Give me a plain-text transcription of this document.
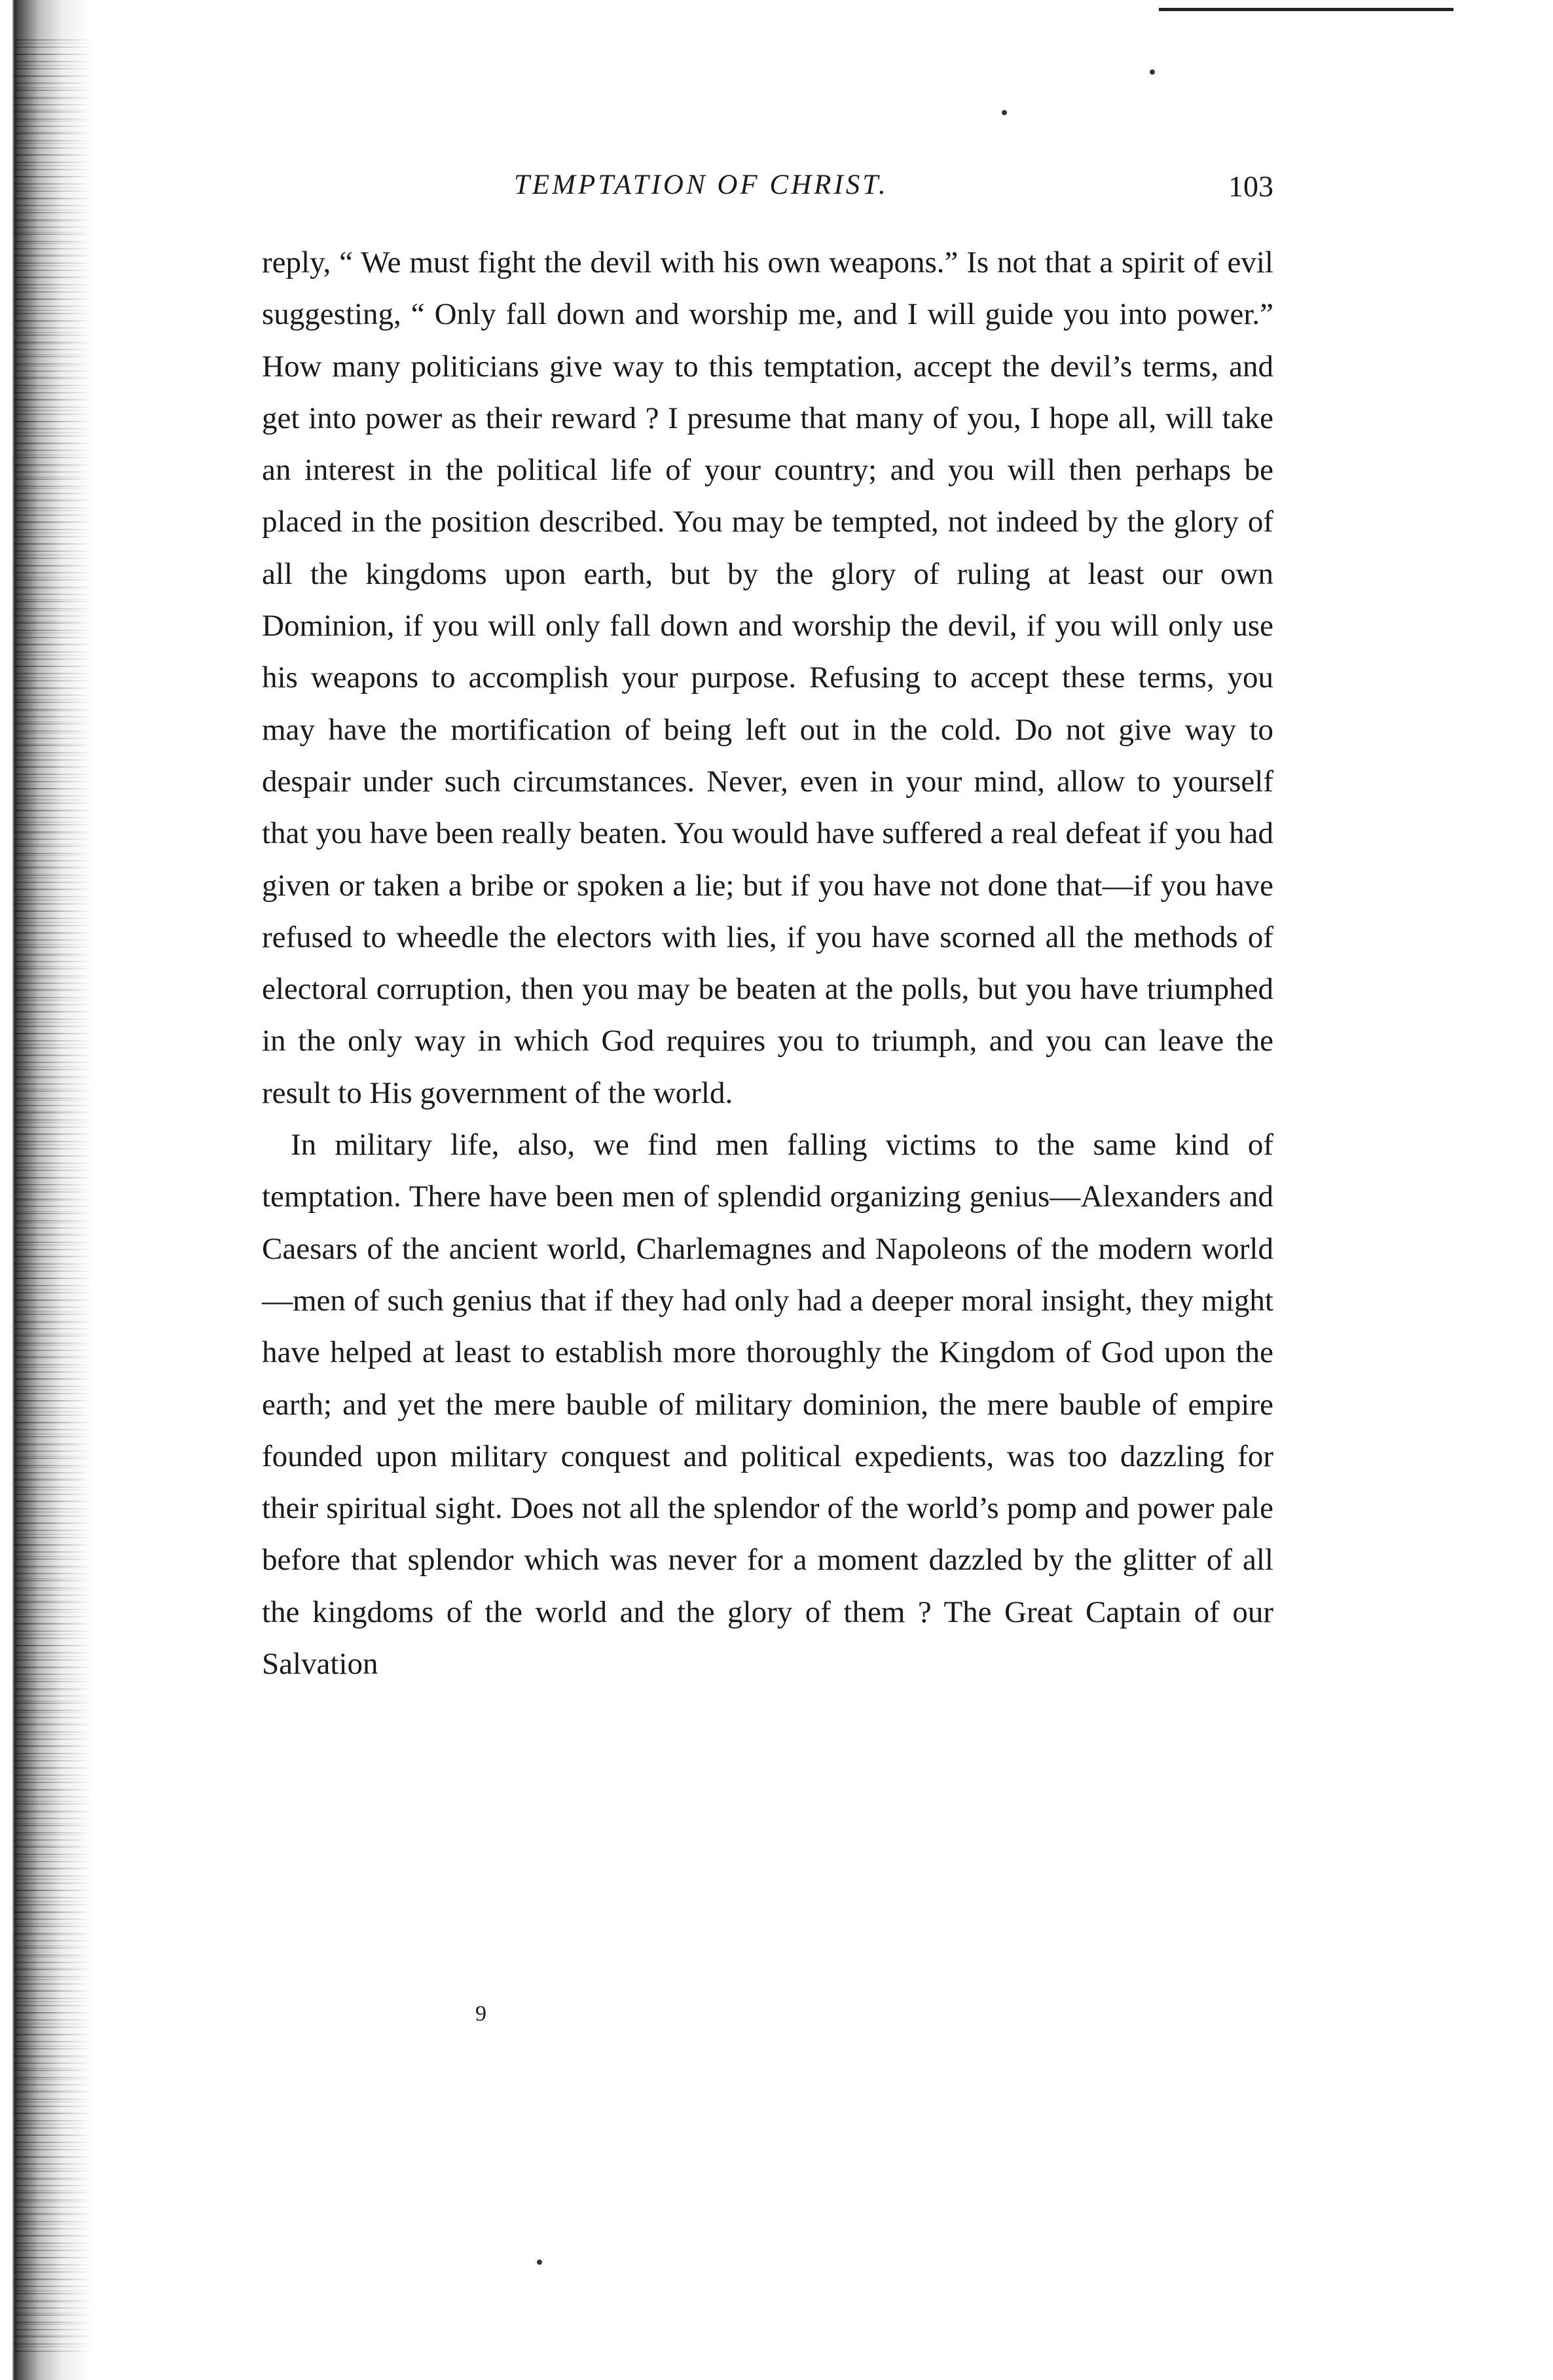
TEMPTATION OF CHRIST.	103

reply, “ We must fight the devil with his own weapons.” Is not that a spirit of evil suggesting, “ Only fall down and worship me, and I will guide you into power.” How many politicians give way to this temptation, accept the devil’s terms, and get into power as their reward ? I presume that many of you, I hope all, will take an interest in the political life of your country; and you will then perhaps be placed in the position described. You may be tempted, not indeed by the glory of all the kingdoms upon earth, but by the glory of ruling at least our own Dominion, if you will only fall down and worship the devil, if you will only use his weapons to accomplish your purpose. Refusing to accept these terms, you may have the mortification of being left out in the cold. Do not give way to despair under such circumstances. Never, even in your mind, allow to yourself that you have been really beaten. You would have suffered a real defeat if you had given or taken a bribe or spoken a lie; but if you have not done that—if you have refused to wheedle the electors with lies, if you have scorned all the methods of electoral corruption, then you may be beaten at the polls, but you have triumphed in the only way in which God requires you to triumph, and you can leave the result to His government of the world.

In military life, also, we find men falling victims to the same kind of temptation. There have been men of splendid organizing genius—Alexanders and Caesars of the ancient world, Charlemagnes and Napoleons of the modern world—men of such genius that if they had only had a deeper moral insight, they might have helped at least to establish more thoroughly the Kingdom of God upon the earth; and yet the mere bauble of military dominion, the mere bauble of empire founded upon military conquest and political expedients, was too dazzling for their spiritual sight. Does not all the splendor of the world’s pomp and power pale before that splendor which was never for a moment dazzled by the glitter of all the kingdoms of the world and the glory of them ? The Great Captain of our Salvation

9
